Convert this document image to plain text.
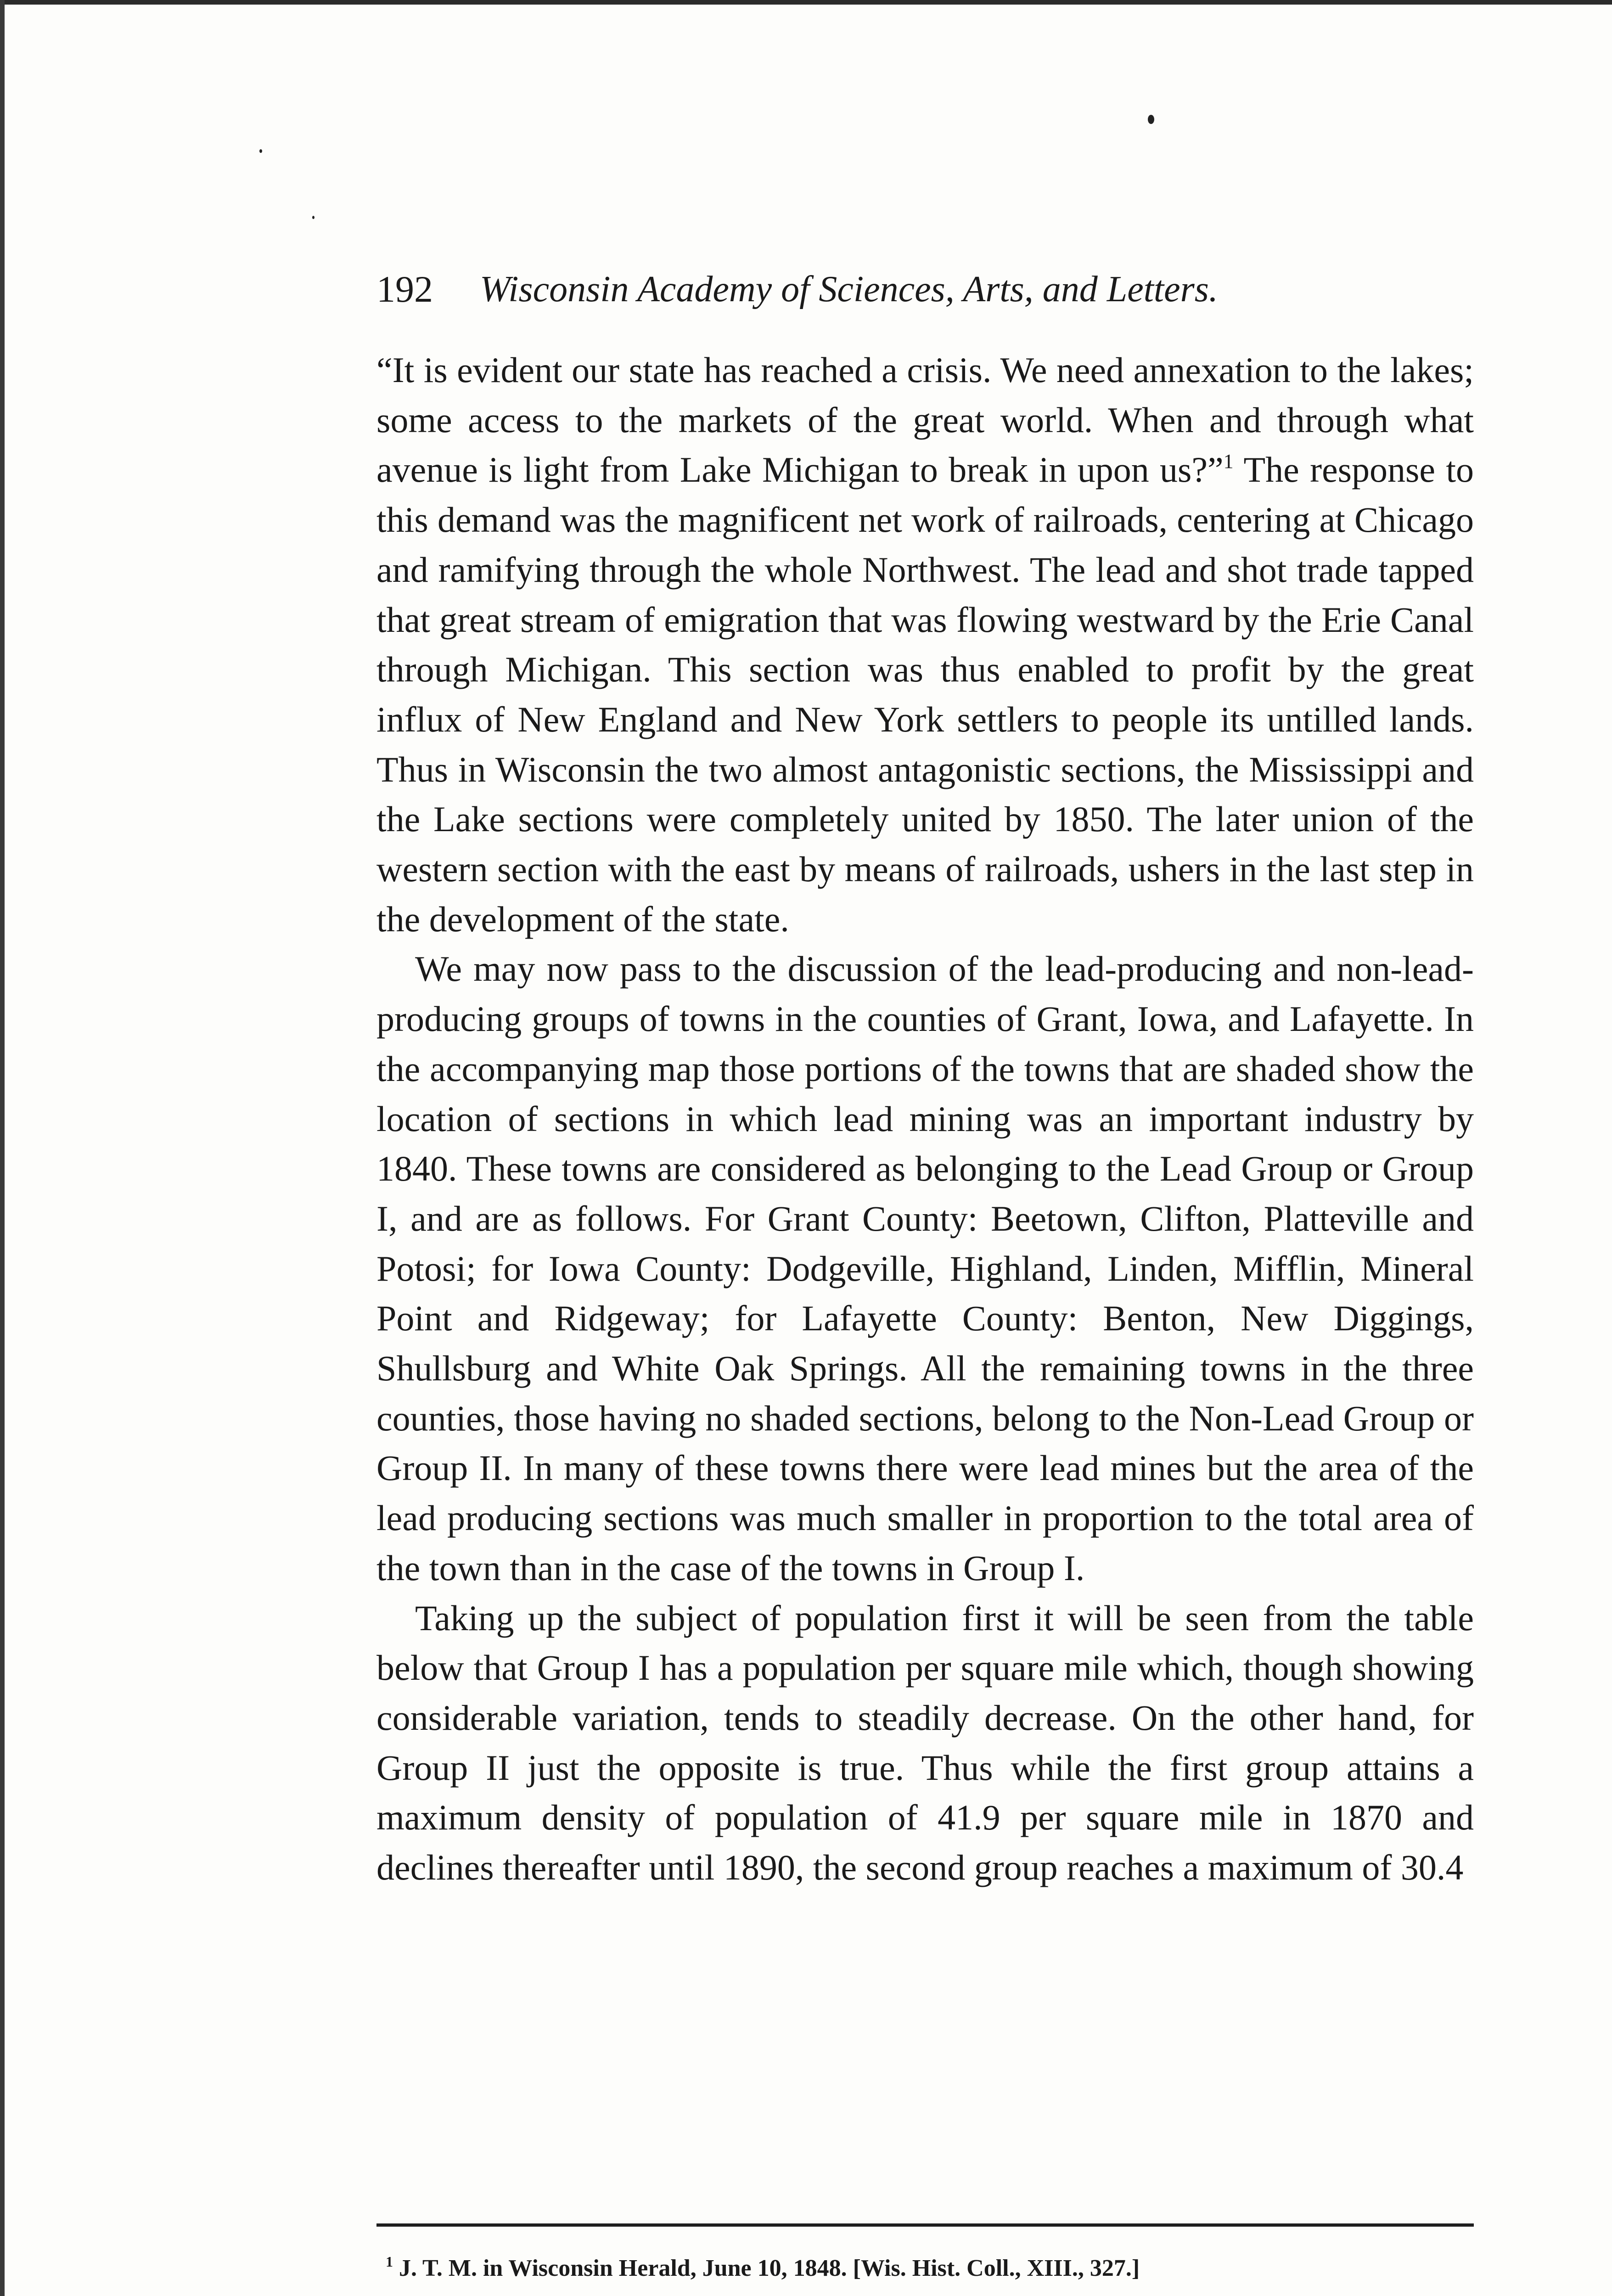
192 Wisconsin Academy of Sciences, Arts, and Letters.

“It is evident our state has reached a crisis. We need annexation to the lakes; some access to the markets of the great world. When and through what avenue is light from Lake Michigan to break in upon us?”$^1$ The response to this demand was the magnificent net work of railroads, centering at Chicago and ramifying through the whole Northwest. The lead and shot trade tapped that great stream of emigration that was flowing westward by the Erie Canal through Michigan. This section was thus enabled to profit by the great influx of New England and New York settlers to people its untilled lands. Thus in Wisconsin the two almost antagonistic sections, the Mississippi and the Lake sections were completely united by 1850. The later union of the western section with the east by means of railroads, ushers in the last step in the development of the state.

We may now pass to the discussion of the lead-producing and non-lead-producing groups of towns in the counties of Grant, Iowa, and Lafayette. In the accompanying map those portions of the towns that are shaded show the location of sections in which lead mining was an important industry by 1840. These towns are considered as belonging to the Lead Group or Group I, and are as follows. For Grant County: Beetown, Clifton, Platteville and Potosi; for Iowa County: Dodgeville, Highland, Linden, Mifflin, Mineral Point and Ridgeway; for Lafayette County: Benton, New Diggings, Shullsburg and White Oak Springs. All the remaining towns in the three counties, those having no shaded sections, belong to the Non-Lead Group or Group II. In many of these towns there were lead mines but the area of the lead producing sections was much smaller in proportion to the total area of the town than in the case of the towns in Group I.

Taking up the subject of population first it will be seen from the table below that Group I has a population per square mile which, though showing considerable variation, tends to steadily decrease. On the other hand, for Group II just the opposite is true. Thus while the first group attains a maximum density of population of 41.9 per square mile in 1870 and declines thereafter until 1890, the second group reaches a maximum of 30.4

$^1$ J. T. M. in Wisconsin Herald, June 10, 1848. [Wis. Hist. Coll., XIII., 327.]
